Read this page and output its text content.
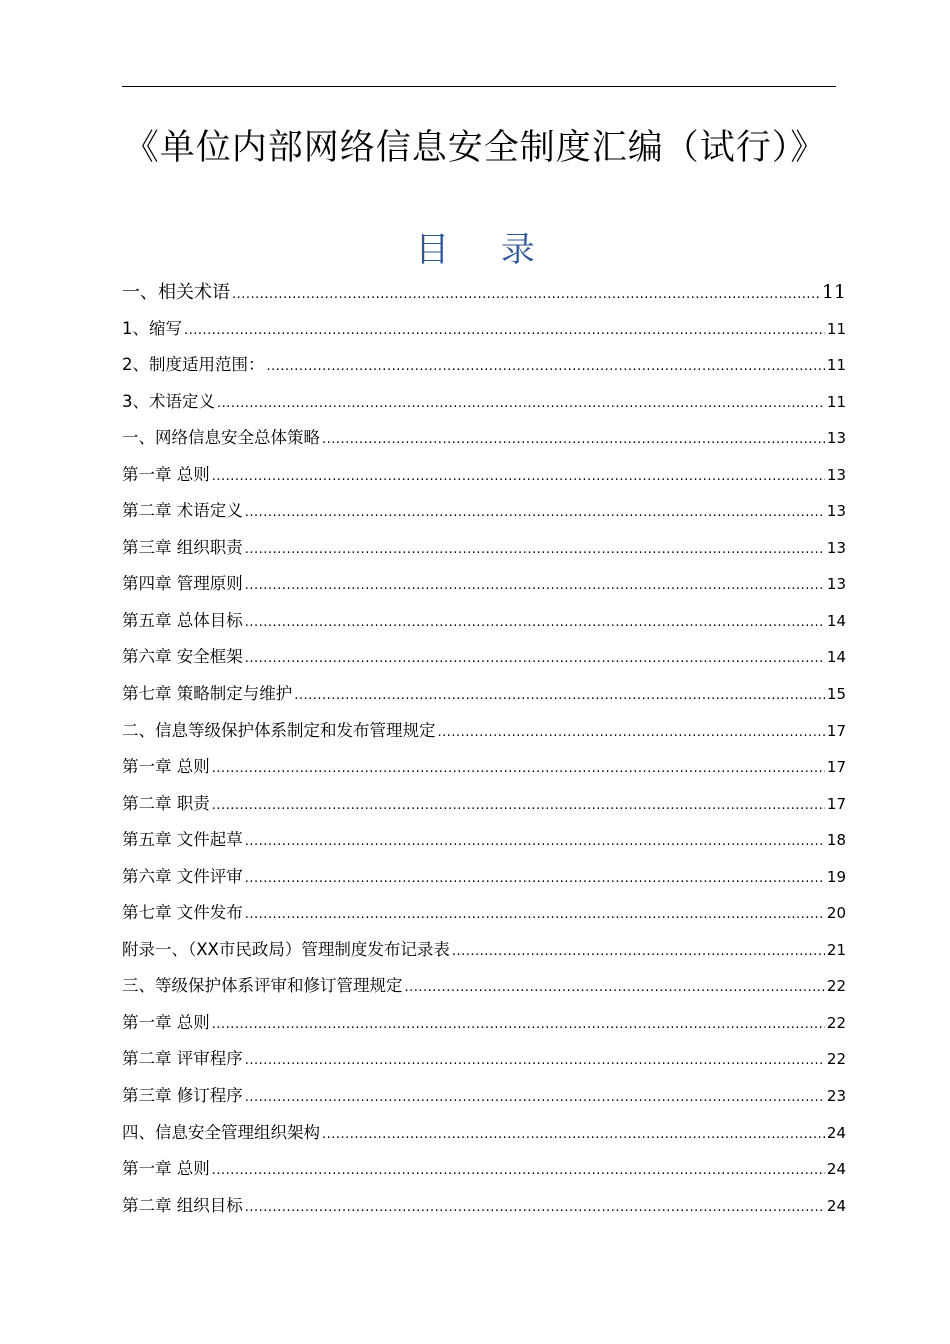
《单位内部网络信息安全制度汇编（试行）》
目 录
一、相关术语 .....	11
1、缩写 .....	11
2、制度适用范围： .....	11
3、术语定义 .....	11
一、网络信息安全总体策略 .....	13
第一章 总则 .....	13
第二章 术语定义 .....	13
第三章 组织职责 .....	13
第四章 管理原则 .....	13
第五章 总体目标 .....	14
第六章 安全框架 .....	14
第七章 策略制定与维护 .....	15
二、信息等级保护体系制定和发布管理规定 .....	17
第一章 总则 .....	17
第二章 职责 .....	17
第五章 文件起草 .....	18
第六章 文件评审 .....	19
第七章 文件发布 .....	20
附录一、（XX市民政局）管理制度发布记录表 .....	21
三、等级保护体系评审和修订管理规定 .....	22
第一章 总则 .....	22
第二章 评审程序 .....	22
第三章 修订程序 .....	23
四、信息安全管理组织架构 .....	24
第一章 总则 .....	24
第二章 组织目标 .....	24
